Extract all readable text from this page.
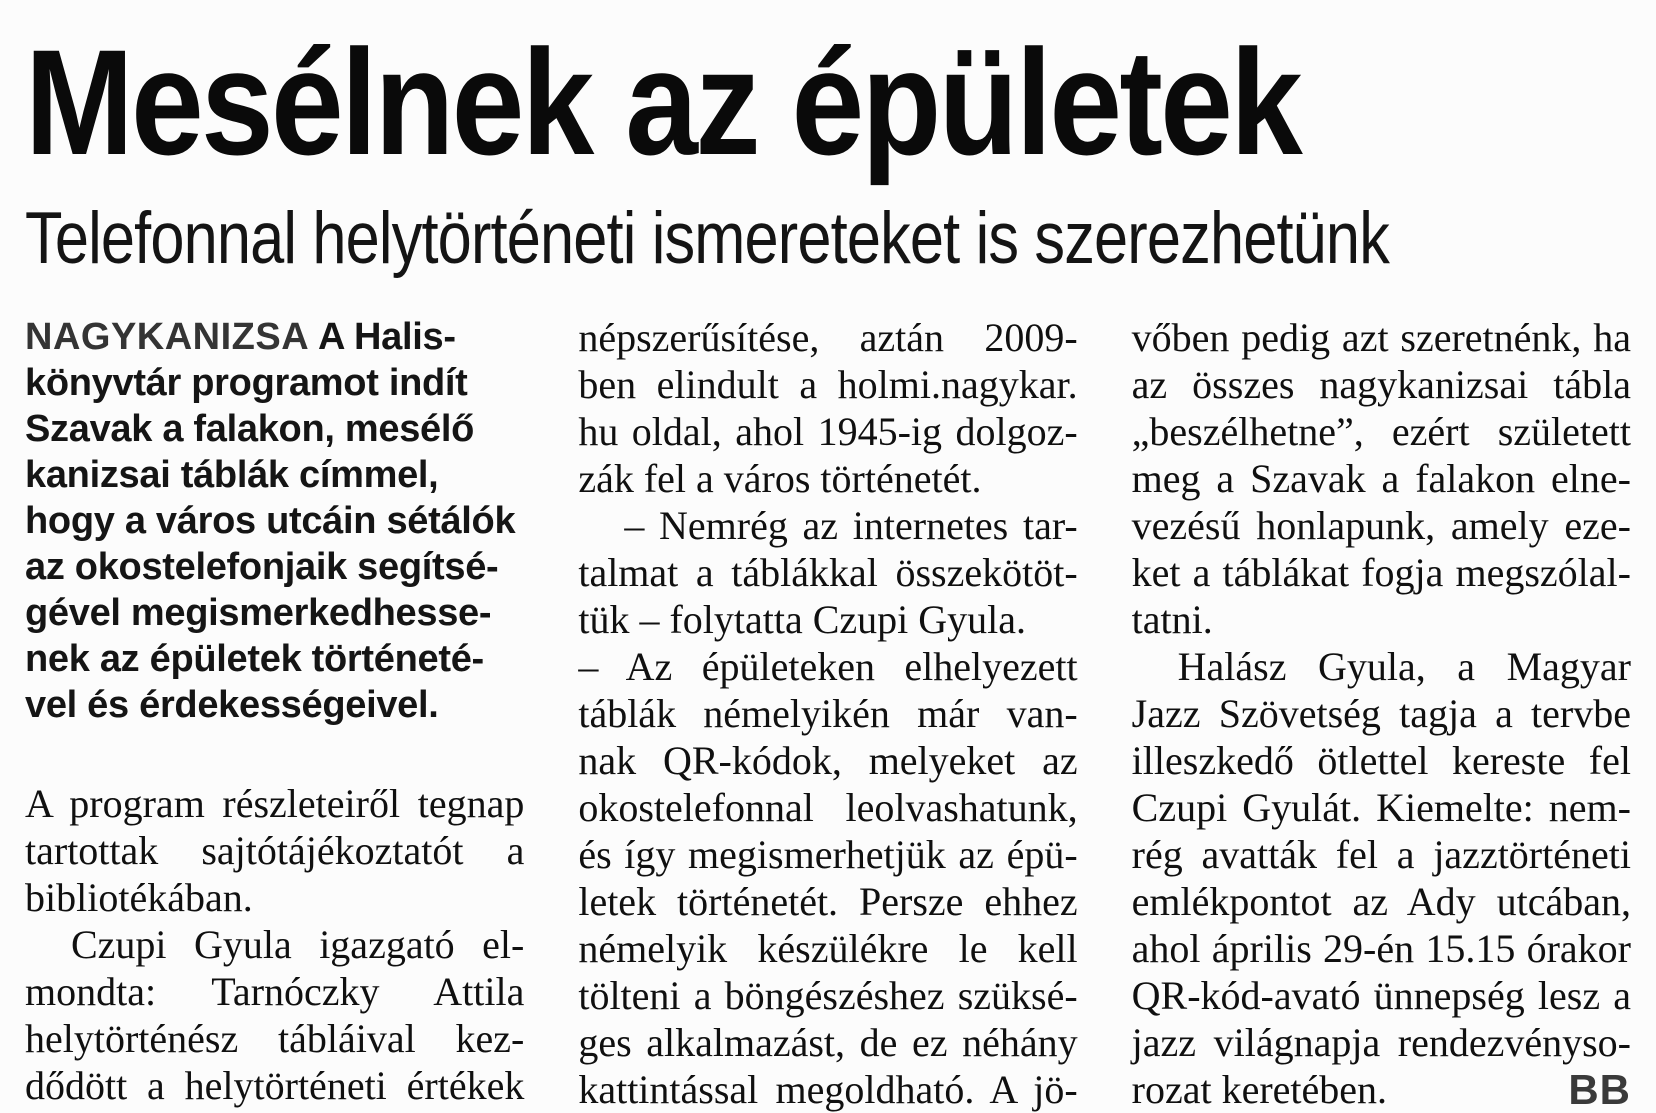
Mesélnek az épületek
Telefonnal helytörténeti ismereteket is szerezhetünk
NAGYKANIZSA A Halis-
könyvtár programot indít
Szavak a falakon, mesélő
kanizsai táblák címmel,
hogy a város utcáin sétálók
az okostelefonjaik segítsé-
gével megismerkedhesse-
nek az épületek történeté-
vel és érdekességeivel.
A program részleteiről tegnap
tartottak sajtótájékoztatót a
bibliotékában.
Czupi Gyula igazgató el-
mondta: Tarnóczky Attila
helytörténész tábláival kez-
dődött a helytörténeti értékek
népszerűsítése, aztán 2009-
ben elindult a holmi.nagykar.
hu oldal, ahol 1945-ig dolgoz-
zák fel a város történetét.
– Nemrég az internetes tar-
talmat a táblákkal összekötöt-
tük – folytatta Czupi Gyula.
– Az épületeken elhelyezett
táblák némelyikén már van-
nak QR-kódok, melyeket az
okostelefonnal leolvashatunk,
és így megismerhetjük az épü-
letek történetét. Persze ehhez
némelyik készülékre le kell
tölteni a böngészéshez szüksé-
ges alkalmazást, de ez néhány
kattintással megoldható. A jö-
vőben pedig azt szeretnénk, ha
az összes nagykanizsai tábla
„beszélhetne”, ezért született
meg a Szavak a falakon elne-
vezésű honlapunk, amely eze-
ket a táblákat fogja megszólal-
tatni.
Halász Gyula, a Magyar
Jazz Szövetség tagja a tervbe
illeszkedő ötlettel kereste fel
Czupi Gyulát. Kiemelte: nem-
rég avatták fel a jazztörténeti
emlékpontot az Ady utcában,
ahol április 29-én 15.15 órakor
QR-kód-avató ünnepség lesz a
jazz világnapja rendezvényso-
rozat keretében.	BB
